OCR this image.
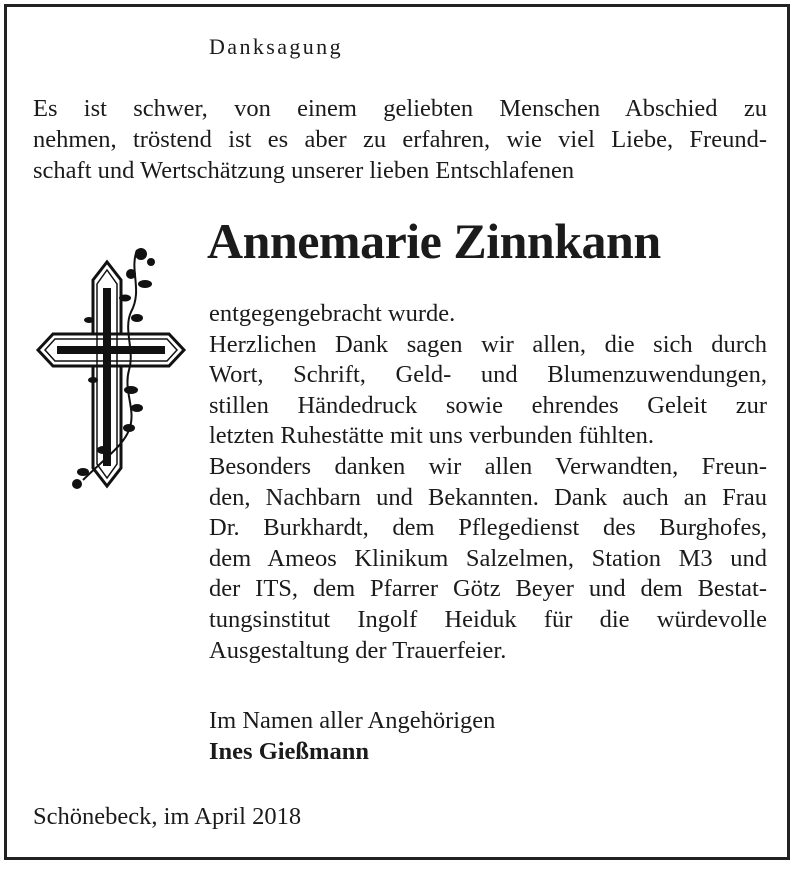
Danksagung
Es ist schwer, von einem geliebten Menschen Abschied zu
nehmen, tröstend ist es aber zu erfahren, wie viel Liebe, Freund-
schaft und Wertschätzung unserer lieben Entschlafenen
Annemarie Zinnkann
entgegengebracht wurde.
Herzlichen Dank sagen wir allen, die sich durch
Wort, Schrift, Geld- und Blumenzuwendungen,
stillen Händedruck sowie ehrendes Geleit zur
letzten Ruhestätte mit uns verbunden fühlten.
Besonders danken wir allen Verwandten, Freun-
den, Nachbarn und Bekannten. Dank auch an Frau
Dr. Burkhardt, dem Pflegedienst des Burghofes,
dem Ameos Klinikum Salzelmen, Station M3 und
der ITS, dem Pfarrer Götz Beyer und dem Bestat-
tungsinstitut Ingolf Heiduk für die würdevolle
Ausgestaltung der Trauerfeier.
Im Namen aller Angehörigen
Ines Gießmann
Schönebeck, im April 2018
